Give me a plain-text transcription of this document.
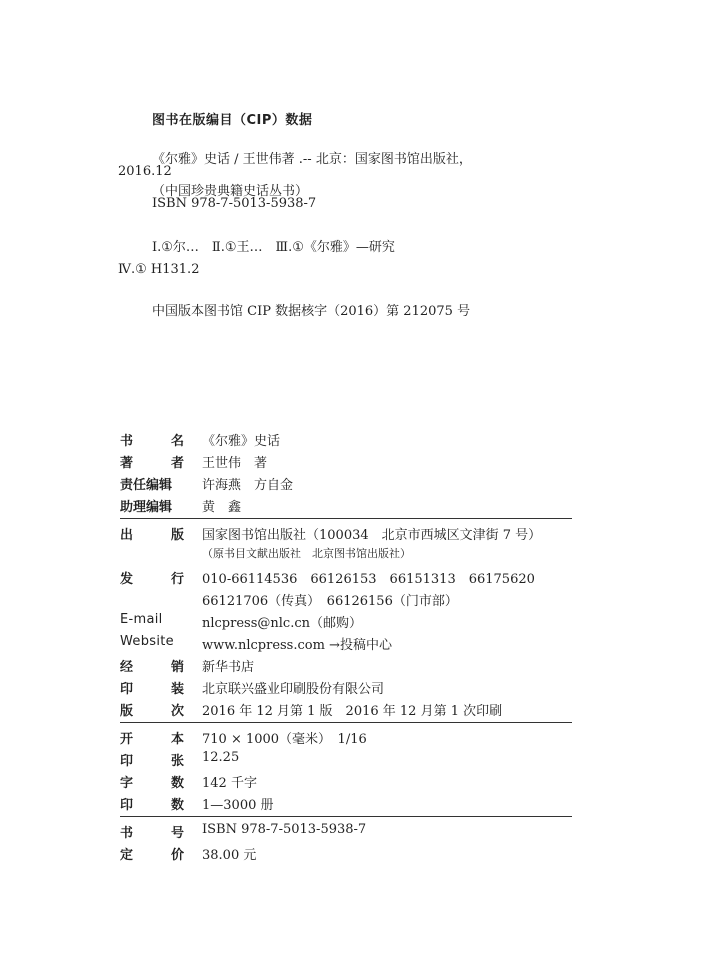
图书在版编目（CIP）数据
《尔雅》史话 / 王世伟著 .-- 北京：国家图书馆出版社，
2016.12
（中国珍贵典籍史话丛书）
ISBN 978-7-5013-5938-7
Ⅰ.①尔…　Ⅱ.①王…　Ⅲ.①《尔雅》—研究
Ⅳ.① H131.2
中国版本图书馆 CIP 数据核字（2016）第 212075 号
书	名 《尔雅》史话
著	者 王世伟　著
责任编辑	许海燕　方自金
助理编辑	黄　鑫
出	版 国家图书馆出版社（100034　北京市西城区文津街 7 号）
（原书目文献出版社　北京图书馆出版社）
发	行 010-66114536　66126153　66151313　66175620
66121706（传真）　66126156（门市部）
E-mail	nlcpress@nlc.cn（邮购）
Website	www.nlcpress.com →投稿中心
经	销 新华书店
印	装 北京联兴盛业印刷股份有限公司
版	次 2016 年 12 月第 1 版　2016 年 12 月第 1 次印刷
开	本 710 × 1000（毫米）　1/16
印	张 12.25
字	数 142 千字
印	数 1—3000 册
书	号 ISBN 978-7-5013-5938-7
定	价 38.00 元
